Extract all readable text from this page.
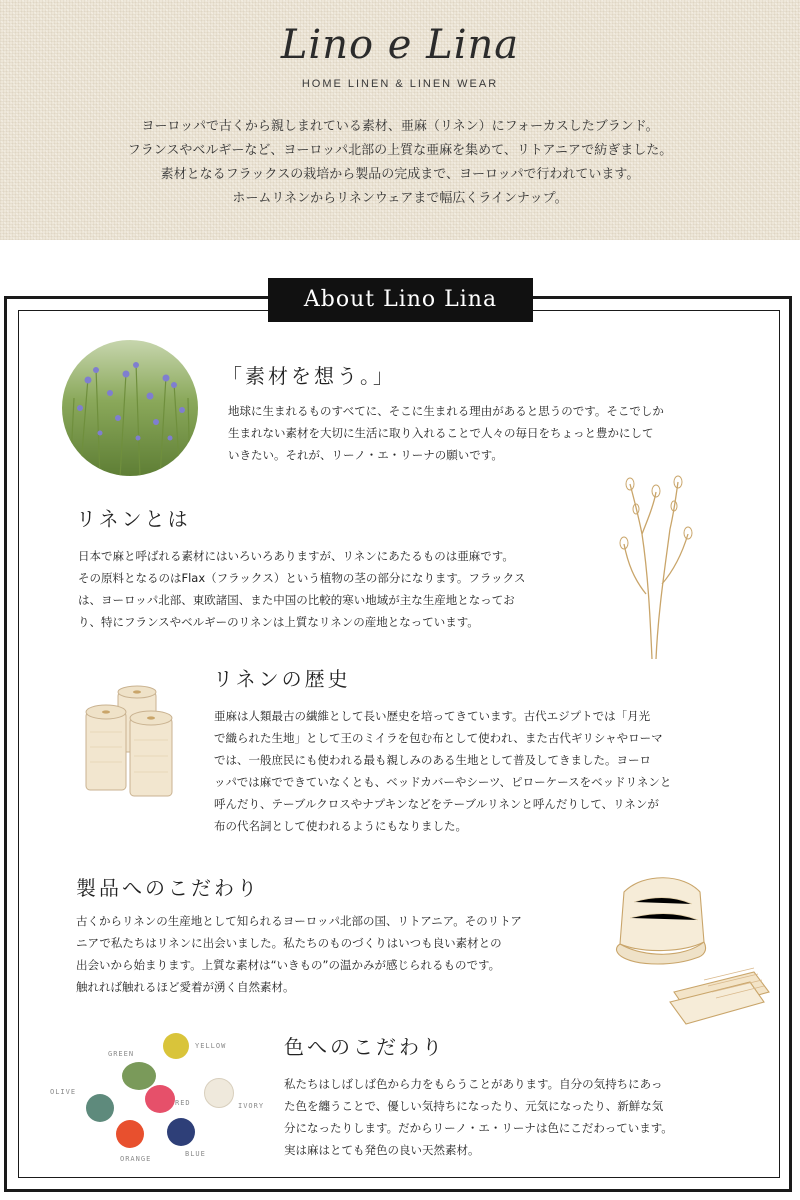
Lino e Lina
HOME LINEN & LINEN WEAR
ヨーロッパで古くから親しまれている素材、亜麻（リネン）にフォーカスしたブランド。
フランスやベルギーなど、ヨーロッパ北部の上質な亜麻を集めて、リトアニアで紡ぎました。
素材となるフラックスの栽培から製品の完成まで、ヨーロッパで行われています。
ホームリネンからリネンウェアまで幅広くラインナップ。
About Lino Lina
「素材を想う。」
地球に生まれるものすべてに、そこに生まれる理由があると思うのです。そこでしか
生まれない素材を大切に生活に取り入れることで人々の毎日をちょっと豊かにして
いきたい。それが、リーノ・エ・リーナの願いです。
リネンとは
日本で麻と呼ばれる素材にはいろいろありますが、リネンにあたるものは亜麻です。
その原料となるのはFlax（フラックス）という植物の茎の部分になります。フラックス
は、ヨーロッパ北部、東欧諸国、また中国の比較的寒い地域が主な生産地となってお
り、特にフランスやベルギーのリネンは上質なリネンの産地となっています。
リネンの歴史
亜麻は人類最古の繊維として長い歴史を培ってきています。古代エジプトでは「月光
で織られた生地」として王のミイラを包む布として使われ、また古代ギリシャやローマ
では、一般庶民にも使われる最も親しみのある生地として普及してきました。ヨーロ
ッパでは麻でできていなくとも、ベッドカバーやシーツ、ピローケースをベッドリネンと
呼んだり、テーブルクロスやナプキンなどをテーブルリネンと呼んだりして、リネンが
布の代名詞として使われるようにもなりました。
製品へのこだわり
古くからリネンの生産地として知られるヨーロッパ北部の国、リトアニア。そのリトア
ニアで私たちはリネンに出会いました。私たちのものづくりはいつも良い素材との
出会いから始まります。上質な素材は“いきもの”の温かみが感じられるものです。
触れれば触れるほど愛着が湧く自然素材。
YELLOW
GREEN
OLIVE
RED	IVORY
ORANGE
BLUE
色へのこだわり
私たちはしばしば色から力をもらうことがあります。自分の気持ちにあっ
た色を纏うことで、優しい気持ちになったり、元気になったり、新鮮な気
分になったりします。だからリーノ・エ・リーナは色にこだわっています。
実は麻はとても発色の良い天然素材。
